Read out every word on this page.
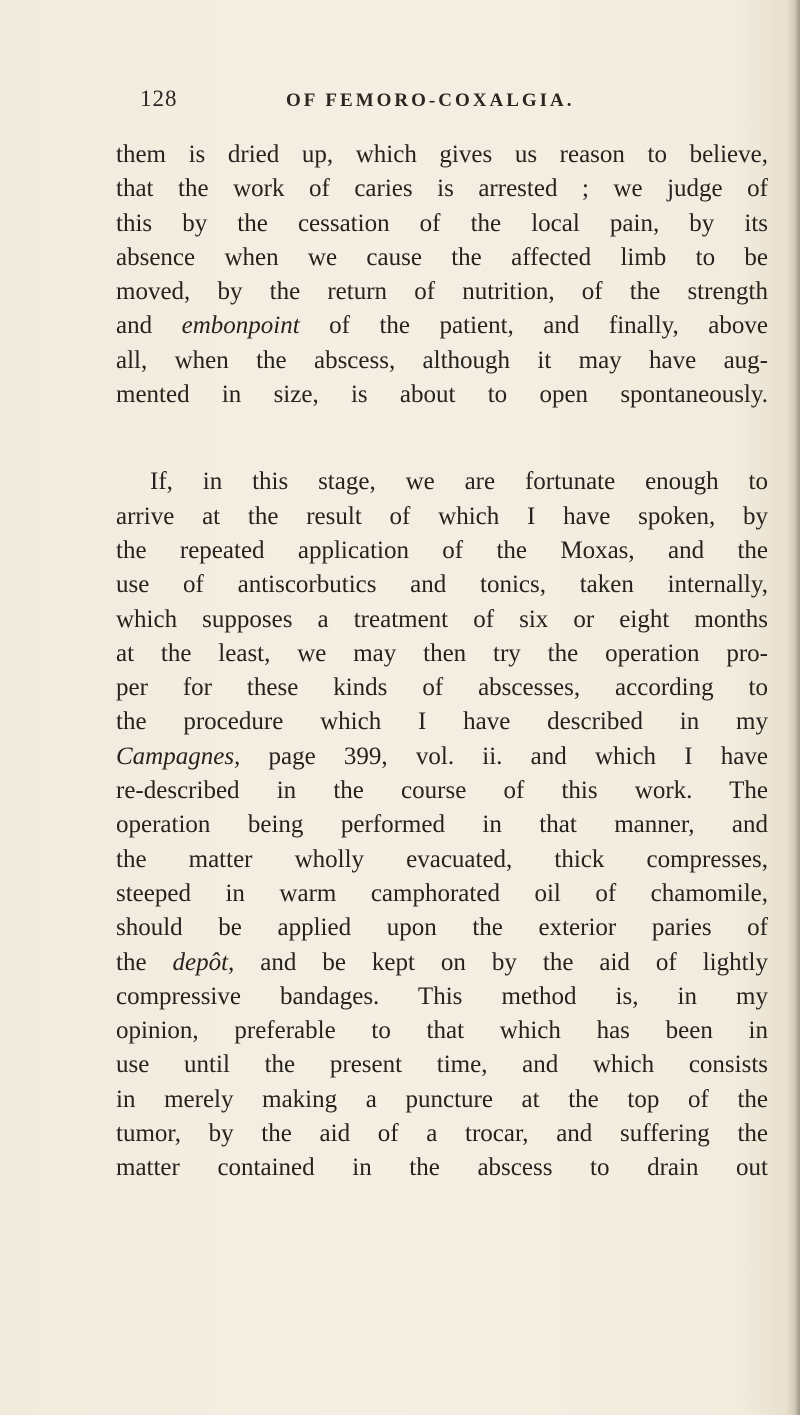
128	OF FEMORO-COXALGIA.
them is dried up, which gives us reason to believe,
that the work of caries is arrested ; we judge of
this by the cessation of the local pain, by its
absence when we cause the affected limb to be
moved, by the return of nutrition, of the strength
and embonpoint of the patient, and finally, above
all, when the abscess, although it may have aug-
mented in size, is about to open spontaneously.
If, in this stage, we are fortunate enough to
arrive at the result of which I have spoken, by
the repeated application of the Moxas, and the
use of antiscorbutics and tonics, taken internally,
which supposes a treatment of six or eight months
at the least, we may then try the operation pro-
per for these kinds of abscesses, according to
the procedure which I have described in my
Campagnes, page 399, vol. ii. and which I have
re-described in the course of this work. The
operation being performed in that manner, and
the matter wholly evacuated, thick compresses,
steeped in warm camphorated oil of chamomile,
should be applied upon the exterior paries of
the depôt, and be kept on by the aid of lightly
compressive bandages. This method is, in my
opinion, preferable to that which has been in
use until the present time, and which consists
in merely making a puncture at the top of the
tumor, by the aid of a trocar, and suffering the
matter contained in the abscess to drain out
